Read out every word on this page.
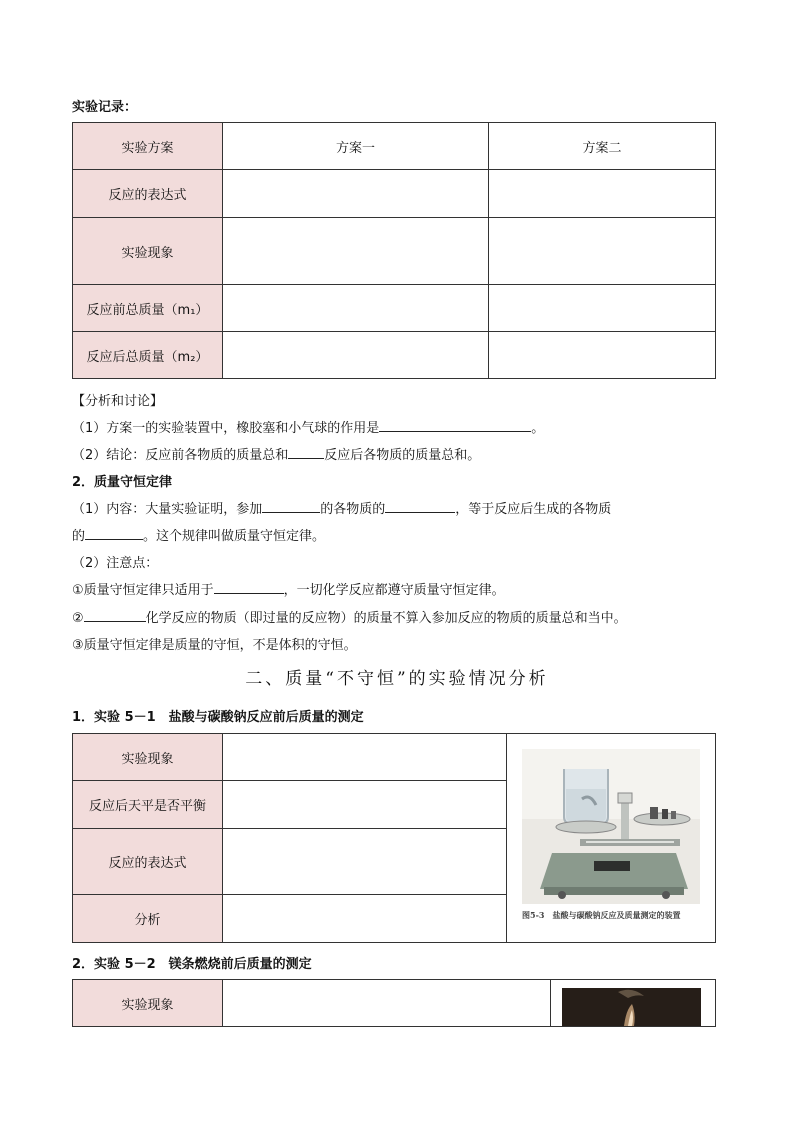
实验记录：
实验方案	方案一	方案二
反应的表达式		
实验现象		
反应前总质量（m₁）		
反应后总质量（m₂）		
【分析和讨论】
（1）方案一的实验装置中，橡胶塞和小气球的作用是	。
（2）结论：反应前各物质的质量总和	反应后各物质的质量总和。
2．质量守恒定律
（1）内容：大量实验证明，参加	的各物质的	，等于反应后生成的各物质
的	。这个规律叫做质量守恒定律。
（2）注意点：
①质量守恒定律只适用于	，一切化学反应都遵守质量守恒定律。
②	化学反应的物质（即过量的反应物）的质量不算入参加反应的物质的质量总和当中。
③质量守恒定律是质量的守恒，不是体积的守恒。
二、质量“不守恒”的实验情况分析
1．实验 5－1　盐酸与碳酸钠反应前后质量的测定
实验现象		图5-3　盐酸与碳酸钠反应及质量测定的装置

反应后天平是否平衡		
反应的表达式		
分析		
2．实验 5－2　镁条燃烧前后质量的测定
实验现象		
